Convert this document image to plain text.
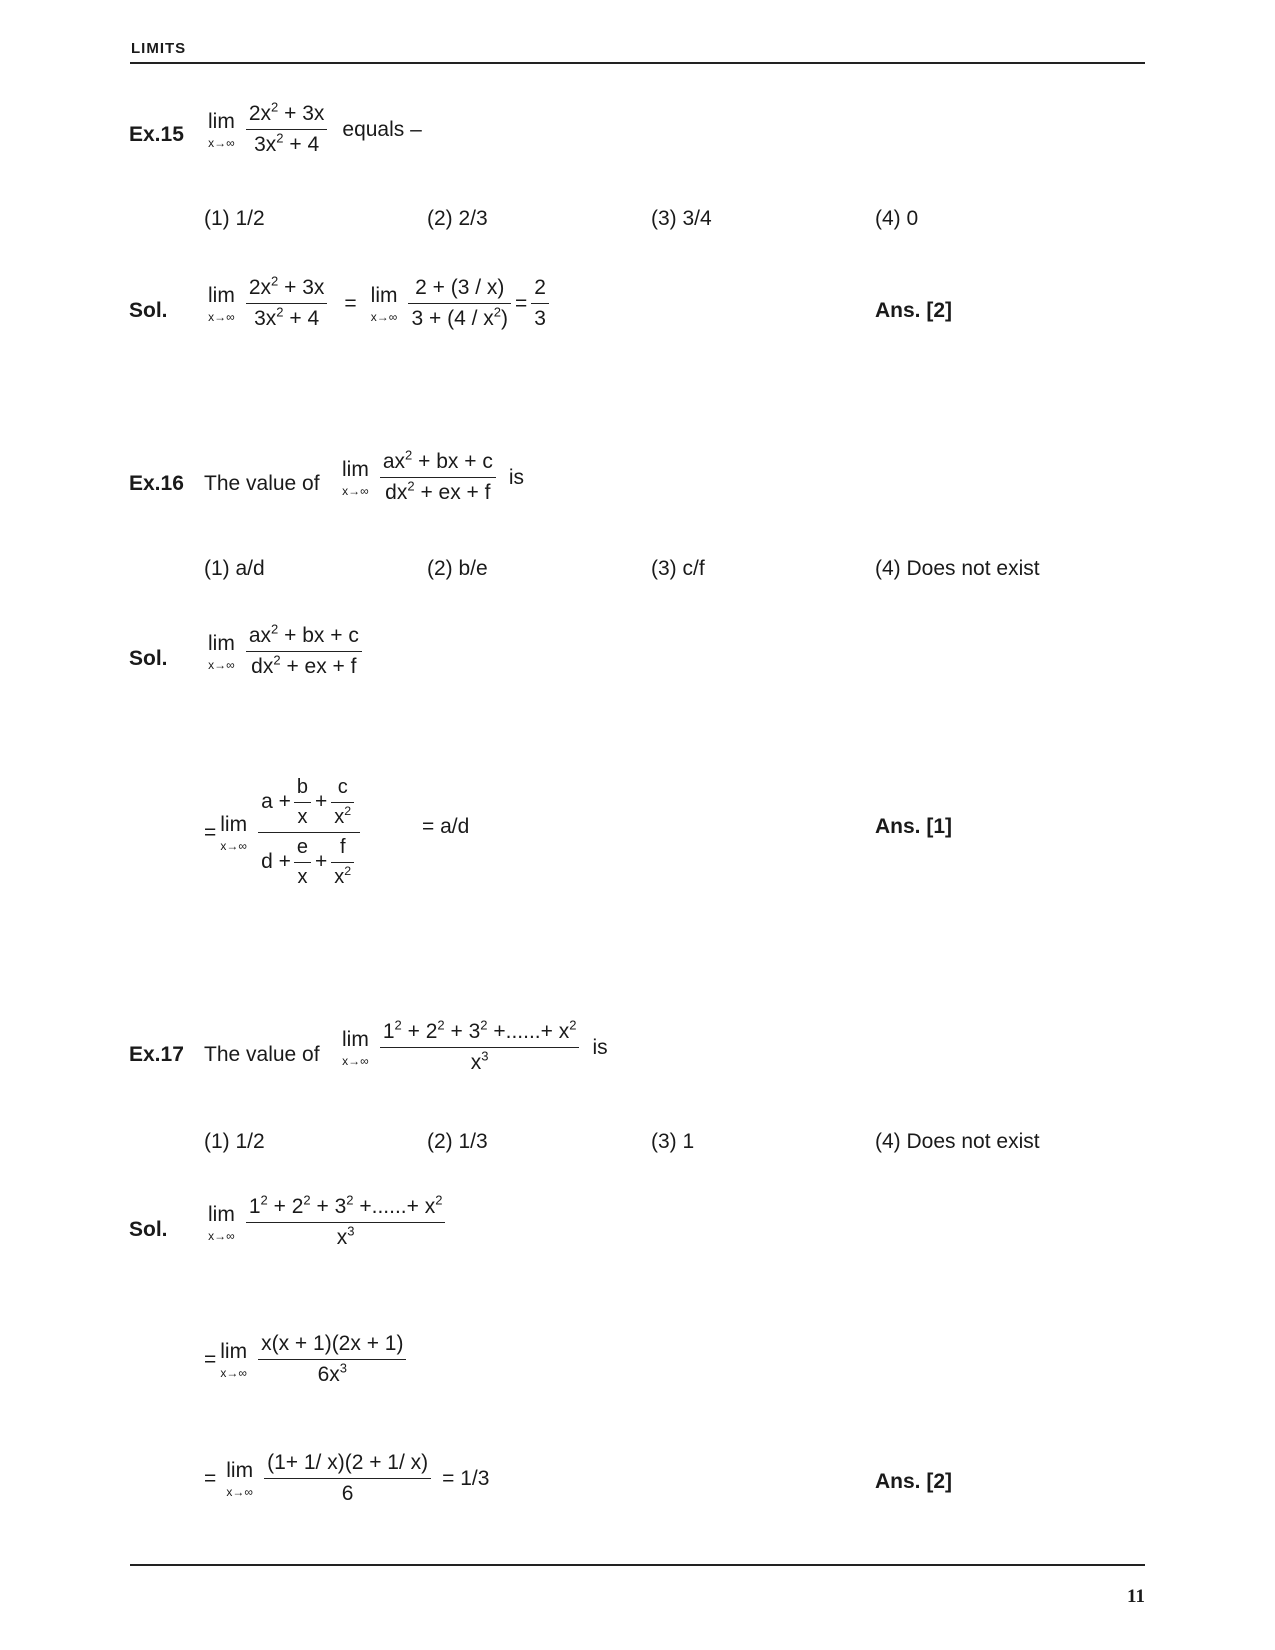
LIMITS
Ex.15
lim
$x\to\infty \frac{2x^2 + 3x}{3x^2 + 4}$ equals –
(1) 1/2	(2) 2/3	(3) 3/4	(4) 0
Sol.
lim
$x\to\infty \frac{2x^2 + 3x}{3x^2 + 4} = \lim$
$x\to\infty \frac{2 + (3 / x)}{3 + (4 / x^2)} = \frac{2}{3}$	Ans. [2]
Ex.16 The value of
lim
$x\to\infty \frac{ax^2 + bx + c}{dx^2 + ex + f}$ is
(1) a/d	(2) b/e	(3) c/f	(4) Does not exist
Sol.
lim
$x\to\infty \frac{ax^2 + bx + c}{dx^2 + ex + f}$
= lim
$x\to\infty \frac{a + \frac{b}{x} + \frac{c}{x^2}}{d + \frac{e}{x} + \frac{f}{x^2}}$	= a/d	Ans. [1]
Ex.17 The value of
lim
$x\to\infty \frac{1^2 + 2^2 + 3^2 +......+ x^2}{x^3}$ is
(1) 1/2	(2) 1/3	(3) 1	(4) Does not exist
Sol.
lim
$x\to\infty \frac{1^2 + 2^2 + 3^2 +......+ x^2}{x^3}$
= lim
$x\to\infty \frac{x(x + 1)(2x + 1)}{6x^3}$
= lim
$x\to\infty \frac{(1+ 1/ x)(2 + 1/ x)}{6} = 1/3$	Ans. [2]
11
